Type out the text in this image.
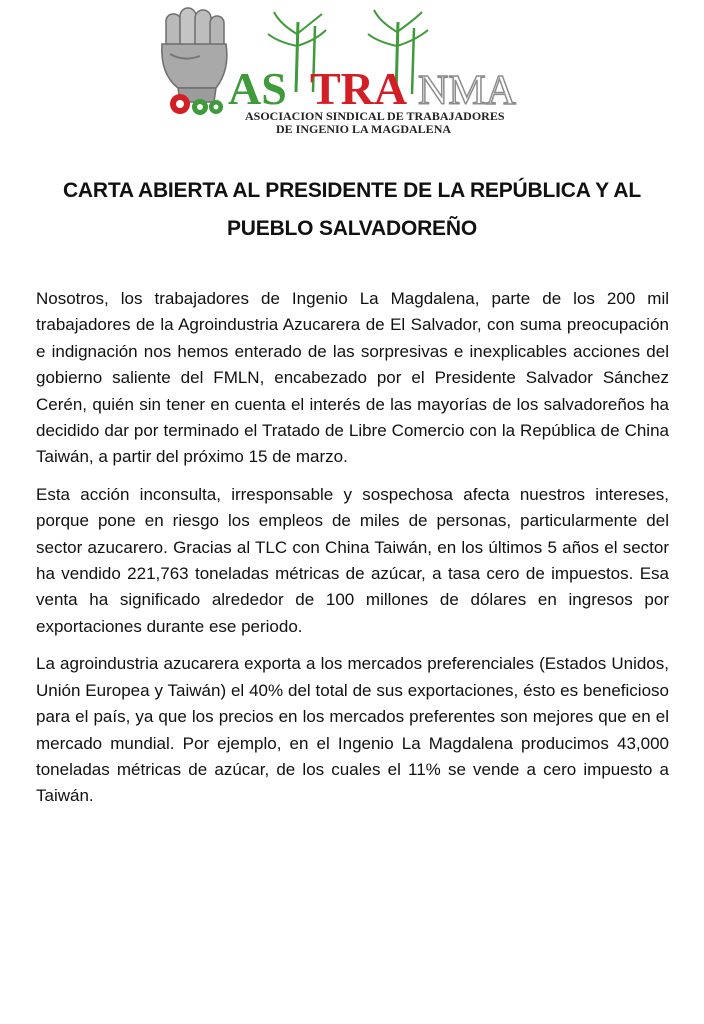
AS TRA NMA
ASOCIACION SINDICAL DE TRABAJADORES
DE INGENIO LA MAGDALENA
CARTA ABIERTA AL PRESIDENTE DE LA REPÚBLICA Y AL
PUEBLO SALVADOREÑO

Nosotros, los trabajadores de Ingenio La Magdalena, parte de los 200 mil trabajadores de la Agroindustria Azucarera de El Salvador, con suma preocupación e indignación nos hemos enterado de las sorpresivas e inexplicables acciones del gobierno saliente del FMLN, encabezado por el Presidente Salvador Sánchez Cerén, quién sin tener en cuenta el interés de las mayorías de los salvadoreños ha decidido dar por terminado el Tratado de Libre Comercio con la República de China Taiwán, a partir del próximo 15 de marzo.

Esta acción inconsulta, irresponsable y sospechosa afecta nuestros intereses, porque pone en riesgo los empleos de miles de personas, particularmente del sector azucarero. Gracias al TLC con China Taiwán, en los últimos 5 años el sector ha vendido 221,763 toneladas métricas de azúcar, a tasa cero de impuestos. Esa venta ha significado alrededor de 100 millones de dólares en ingresos por exportaciones durante ese periodo.

La agroindustria azucarera exporta a los mercados preferenciales (Estados Unidos, Unión Europea y Taiwán) el 40% del total de sus exportaciones, ésto es beneficioso para el país, ya que los precios en los mercados preferentes son mejores que en el mercado mundial. Por ejemplo, en el Ingenio La Magdalena producimos 43,000 toneladas métricas de azúcar, de los cuales el 11% se vende a cero impuesto a Taiwán.
